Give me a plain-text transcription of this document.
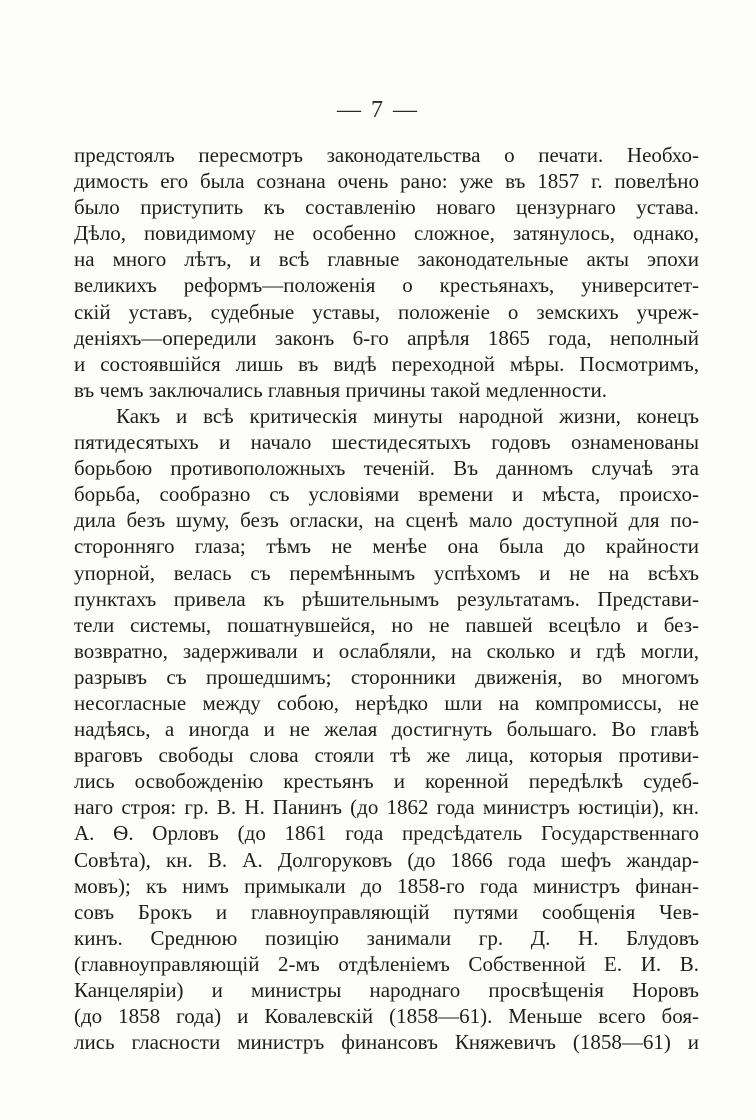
— 7 —
предстоялъ пересмотръ законодательства о печати. Необхо-
димость его была сознана очень рано: уже въ 1857 г. повелѣно
было приступить къ составленію новаго цензурнаго устава.
Дѣло, повидимому не особенно сложное, затянулось, однако,
на много лѣтъ, и всѣ главные законодательные акты эпохи
великихъ реформъ—положенія о крестьянахъ, университет-
скій уставъ, судебные уставы, положеніе о земскихъ учреж-
деніяхъ—опередили законъ 6-го апрѣля 1865 года, неполный
и состоявшійся лишь въ видѣ переходной мѣры. Посмотримъ,
въ чемъ заключались главныя причины такой медленности.
Какъ и всѣ критическія минуты народной жизни, конецъ
пятидесятыхъ и начало шестидесятыхъ годовъ ознаменованы
борьбою противоположныхъ теченій. Въ данномъ случаѣ эта
борьба, сообразно съ условіями времени и мѣста, происхо-
дила безъ шуму, безъ огласки, на сценѣ мало доступной для по-
сторонняго глаза; тѣмъ не менѣе она была до крайности
упорной, велась съ перемѣннымъ успѣхомъ и не на всѣхъ
пунктахъ привела къ рѣшительнымъ результатамъ. Представи-
тели системы, пошатнувшейся, но не павшей всецѣло и без-
возвратно, задерживали и ослабляли, на сколько и гдѣ могли,
разрывъ съ прошедшимъ; сторонники движенія, во многомъ
несогласные между собою, нерѣдко шли на компромиссы, не
надѣясь, а иногда и не желая достигнуть большаго. Во главѣ
враговъ свободы слова стояли тѣ же лица, которыя противи-
лись освобожденію крестьянъ и коренной передѣлкѣ судеб-
наго строя: гр. В. Н. Панинъ (до 1862 года министръ юстиціи), кн.
А. Ѳ. Орловъ (до 1861 года предсѣдатель Государственнаго
Совѣта), кн. В. А. Долгоруковъ (до 1866 года шефъ жандар-
мовъ); къ нимъ примыкали до 1858-го года министръ финан-
совъ Брокъ и главноуправляющій путями сообщенія Чев-
кинъ. Среднюю позицію занимали гр. Д. Н. Блудовъ
(главноуправляющій 2-мъ отдѣленіемъ Собственной Е. И. В.
Канцеляріи) и министры народнаго просвѣщенія Норовъ
(до 1858 года) и Ковалевскій (1858—61). Меньше всего боя-
лись гласности министръ финансовъ Княжевичъ (1858—61) и
